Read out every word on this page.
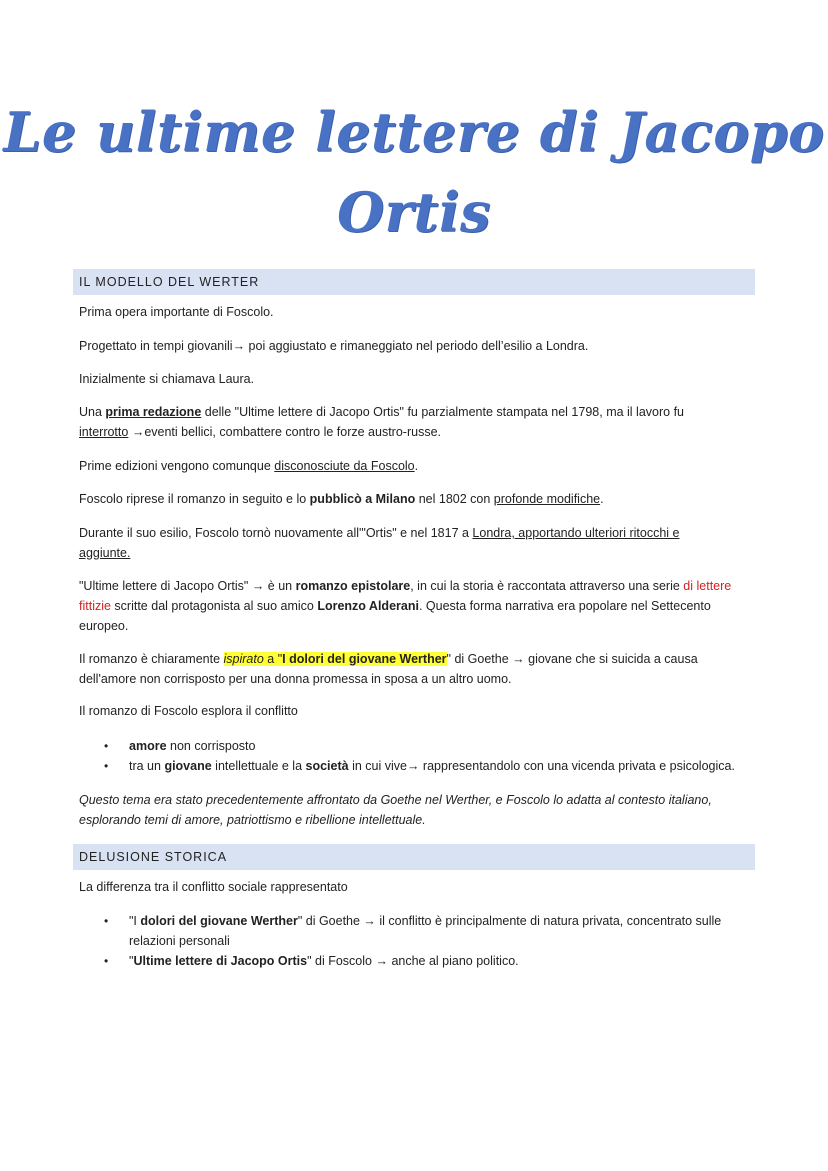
Le ultime lettere di Jacopo
Ortis
IL MODELLO DEL WERTER
Prima opera importante di Foscolo.
Progettato in tempi giovanili→ poi aggiustato e rimaneggiato nel periodo dell’esilio a Londra.
Inizialmente si chiamava Laura.
Una prima redazione delle "Ultime lettere di Jacopo Ortis" fu parzialmente stampata nel 1798, ma il lavoro fu
interrotto →eventi bellici, combattere contro le forze austro-russe.
Prime edizioni vengono comunque disconosciute da Foscolo.
Foscolo riprese il romanzo in seguito e lo pubblicò a Milano nel 1802 con profonde modifiche.
Durante il suo esilio, Foscolo tornò nuovamente all'"Ortis" e nel 1817 a Londra, apportando ulteriori ritocchi e
aggiunte.
"Ultime lettere di Jacopo Ortis" → è un romanzo epistolare, in cui la storia è raccontata attraverso una serie di lettere
fittizie scritte dal protagonista al suo amico Lorenzo Alderani. Questa forma narrativa era popolare nel Settecento
europeo.
Il romanzo è chiaramente ispirato a "I dolori del giovane Werther" di Goethe → giovane che si suicida a causa
dell'amore non corrisposto per una donna promessa in sposa a un altro uomo.
Il romanzo di Foscolo esplora il conflitto
• amore non corrisposto
• tra un giovane intellettuale e la società in cui vive→ rappresentandolo con una vicenda privata e psicologica.
Questo tema era stato precedentemente affrontato da Goethe nel Werther, e Foscolo lo adatta al contesto italiano,
esplorando temi di amore, patriottismo e ribellione intellettuale.
DELUSIONE STORICA
La differenza tra il conflitto sociale rappresentato
• "I dolori del giovane Werther" di Goethe → il conflitto è principalmente di natura privata, concentrato sulle
relazioni personali
• "Ultime lettere di Jacopo Ortis" di Foscolo → anche al piano politico.
